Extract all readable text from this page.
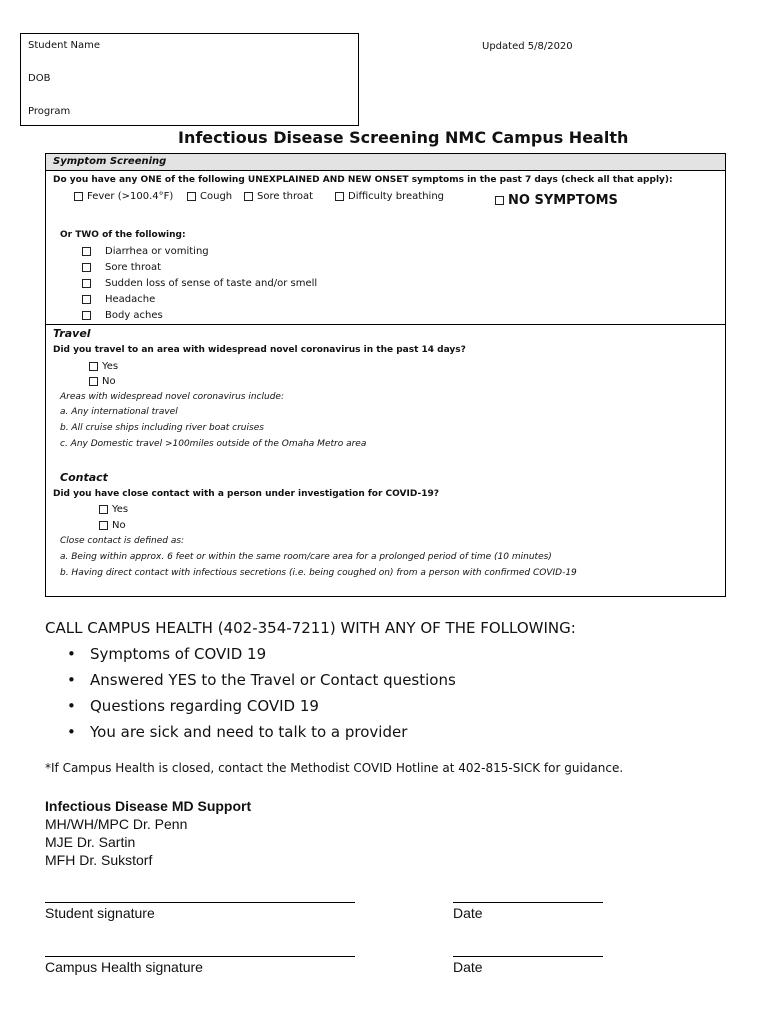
Student Name
DOB
Program
Updated 5/8/2020
Infectious Disease Screening NMC Campus Health
Symptom Screening
Do you have any ONE of the following UNEXPLAINED AND NEW ONSET symptoms in the past 7 days (check all that apply):
Fever (>100.4°F)	Cough	Sore throat	Difficulty breathing	NO SYMPTOMS
Or TWO of the following:
Diarrhea or vomiting
Sore throat
Sudden loss of sense of taste and/or smell
Headache
Body aches
Travel
Did you travel to an area with widespread novel coronavirus in the past 14 days?
Yes
No
Areas with widespread novel coronavirus include:
a. Any international travel
b. All cruise ships including river boat cruises
c. Any Domestic travel >100miles outside of the Omaha Metro area
Contact
Did you have close contact with a person under investigation for COVID-19?
Yes
No
Close contact is defined as:
a. Being within approx. 6 feet or within the same room/care area for a prolonged period of time (10 minutes)
b. Having direct contact with infectious secretions (i.e. being coughed on) from a person with confirmed COVID-19
CALL CAMPUS HEALTH (402-354-7211) WITH ANY OF THE FOLLOWING:
• Symptoms of COVID 19
• Answered YES to the Travel or Contact questions
• Questions regarding COVID 19
• You are sick and need to talk to a provider
*If Campus Health is closed, contact the Methodist COVID Hotline at 402-815-SICK for guidance.
Infectious Disease MD Support
MH/WH/MPC Dr. Penn
MJE Dr. Sartin
MFH Dr. Sukstorf
Student signature	Date
Campus Health signature	Date
